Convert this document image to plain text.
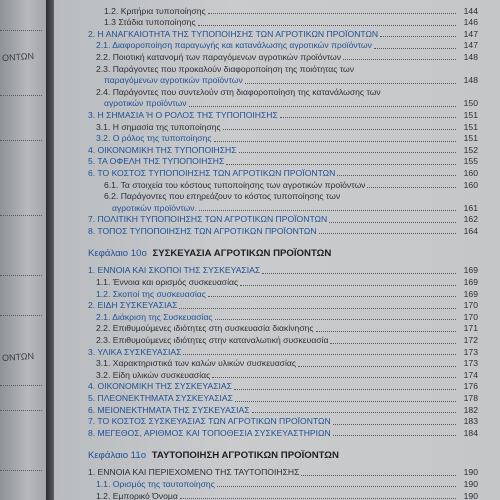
ΟΝΤΩΝ
ΟΝΤΩΝ
1.2. Κριτήρια τυποποίησης	144
1.3 Στάδια τυποποίησης	146
2. Η ΑΝΑΓΚΑΙΟΤΗΤΑ ΤΗΣ ΤΥΠΟΠΟΙΗΣΗΣ ΤΩΝ ΑΓΡΟΤΙΚΩΝ ΠΡΟΪΟΝΤΩΝ	147
2.1. Διαφοροποίηση παραγωγής και κατανάλωσης αγροτικών προϊόντων	147
2.2. Ποιοτική κατανομή των παραγόμενων αγροτικών προϊόντων	148
2.3. Παράγοντες που προκαλούν διαφοροποίηση της ποιότητας των
παραγόμενων αγροτικών προϊόντων	148
2.4. Παράγοντες που συντελούν στη διαφοροποίηση της κατανάλωσης των
αγροτικών προϊόντων	150
3. Η ΣΗΜΑΣΙΑ Ή Ο ΡΟΛΟΣ ΤΗΣ ΤΥΠΟΠΟΙΗΣΗΣ	151
3.1. Η σημασία της τυποποίησης	151
3.2. Ο ρόλος της τυποποίησης	151
4. ΟΙΚΟΝΟΜΙΚΗ ΤΗΣ ΤΥΠΟΠΟΙΗΣΗΣ	152
5. ΤΑ ΟΦΕΛΗ ΤΗΣ ΤΥΠΟΠΟΙΗΣΗΣ	155
6. ΤΟ ΚΟΣΤΟΣ ΤΥΠΟΠΟΙΗΣΗΣ ΤΩΝ ΑΓΡΟΤΙΚΩΝ ΠΡΟΪΟΝΤΩΝ	160
6.1. Τα στοιχεία του κόστους τυποποίησης των αγροτικών προϊόντων	160
6.2. Παράγοντες που επηρεάζουν το κόστος τυποποίησης των
αγροτικών προϊόντων.	161
7. ΠΟΛΙΤΙΚΗ ΤΥΠΟΠΟΙΗΣΗΣ ΤΩΝ ΑΓΡΟΤΙΚΩΝ ΠΡΟΪΟΝΤΩΝ	162
8. ΤΟΠΟΣ ΤΥΠΟΠΟΙΗΣΗΣ ΤΩΝ ΑΓΡΟΤΙΚΩΝ ΠΡΟΪΟΝΤΩΝ	164
Κεφάλαιο 10ο ΣΥΣΚΕΥΑΣΙΑ ΑΓΡΟΤΙΚΩΝ ΠΡΟΪΟΝΤΩΝ
1. ΕΝΝΟΙΑ ΚΑΙ ΣΚΟΠΟΙ ΤΗΣ ΣΥΣΚΕΥΑΣΙΑΣ	169
1.1. Έννοια και ορισμός συσκευασίας	169
1.2. Σκοποί της συσκευασίας	169
2. ΕΙΔΗ ΣΥΣΚΕΥΑΣΙΑΣ	170
2.1. Διάκριση της Συσκευασίας	170
2.2. Επιθυμούμενες ιδιότητες στη συσκευασία διακίνησης	171
2.3. Επιθυμούμενες ιδιότητες στην καταναλωτική συσκευασία	172
3. ΥΛΙΚΑ ΣΥΣΚΕΥΑΣΙΑΣ	173
3.1. Χαρακτηριστικά των καλών υλικών συσκευασίας	173
3.2. Είδη υλικών συσκευασίας	174
4. ΟΙΚΟΝΟΜΙΚΗ ΤΗΣ ΣΥΣΚΕΥΑΣΙΑΣ	176
5. ΠΛΕΟΝΕΚΤΗΜΑΤΑ ΣΥΣΚΕΥΑΣΙΑΣ	178
6. ΜΕΙΟΝΕΚΤΗΜΑΤΑ ΤΗΣ ΣΥΣΚΕΥΑΣΙΑΣ	182
7. ΤΟ ΚΟΣΤΟΣ ΣΥΣΚΕΥΑΣΙΑΣ ΤΩΝ ΑΓΡΟΤΙΚΩΝ ΠΡΟΪΟΝΤΩΝ	183
8. ΜΕΓΕΘΟΣ, ΑΡΙΘΜΟΣ ΚΑΙ ΤΟΠΟΘΕΣΙΑ ΣΥΣΚΕΥΑΣΤΗΡΙΩΝ	184
Κεφάλαιο 11ο ΤΑΥΤΟΠΟΙΗΣΗ ΑΓΡΟΤΙΚΩΝ ΠΡΟΪΟΝΤΩΝ
1. ΕΝΝΟΙΑ ΚΑΙ ΠΕΡΙΕΧΟΜΕΝΟ ΤΗΣ ΤΑΥΤΟΠΟΙΗΣΗΣ	190
1.1. Ορισμός της ταυτοποίησης	190
1.2. Εμπορικό Όνομα	190
